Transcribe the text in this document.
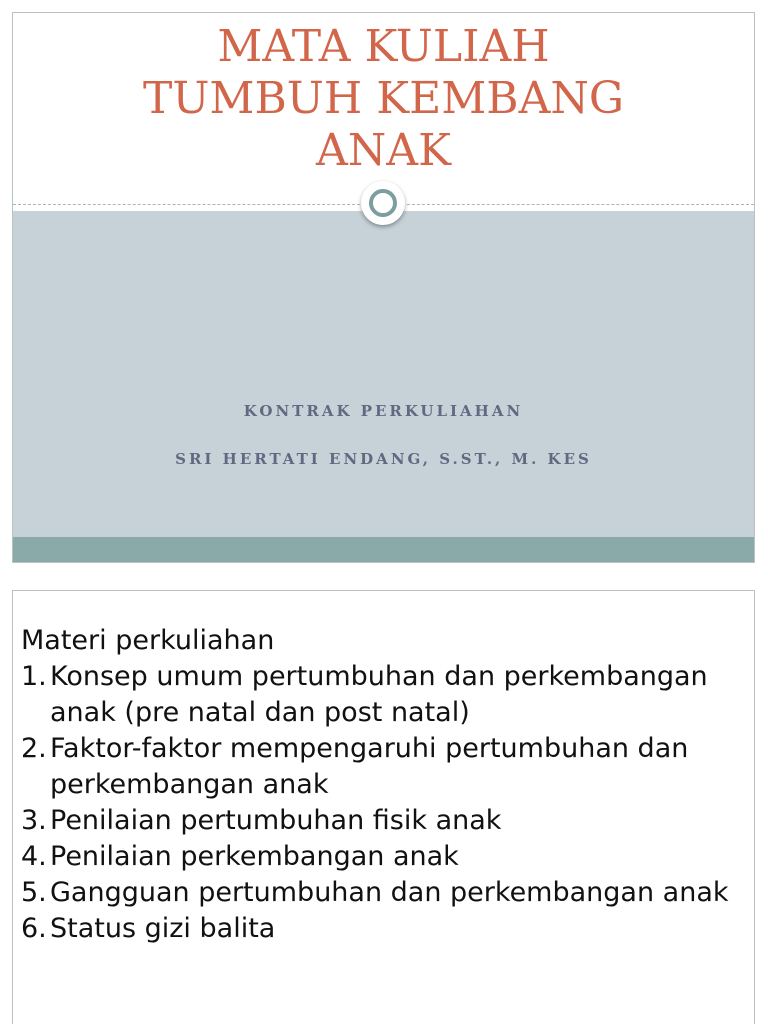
MATA KULIAH
TUMBUH KEMBANG
ANAK
KONTRAK PERKULIAHAN
SRI HERTATI ENDANG, S.ST., M. KES
Materi perkuliahan
1. Konsep umum pertumbuhan dan perkembangan anak (pre natal dan post natal)
2. Faktor-faktor mempengaruhi pertumbuhan dan perkembangan anak
3. Penilaian pertumbuhan fisik anak
4. Penilaian perkembangan anak
5. Gangguan pertumbuhan dan perkembangan anak
6. Status gizi balita
